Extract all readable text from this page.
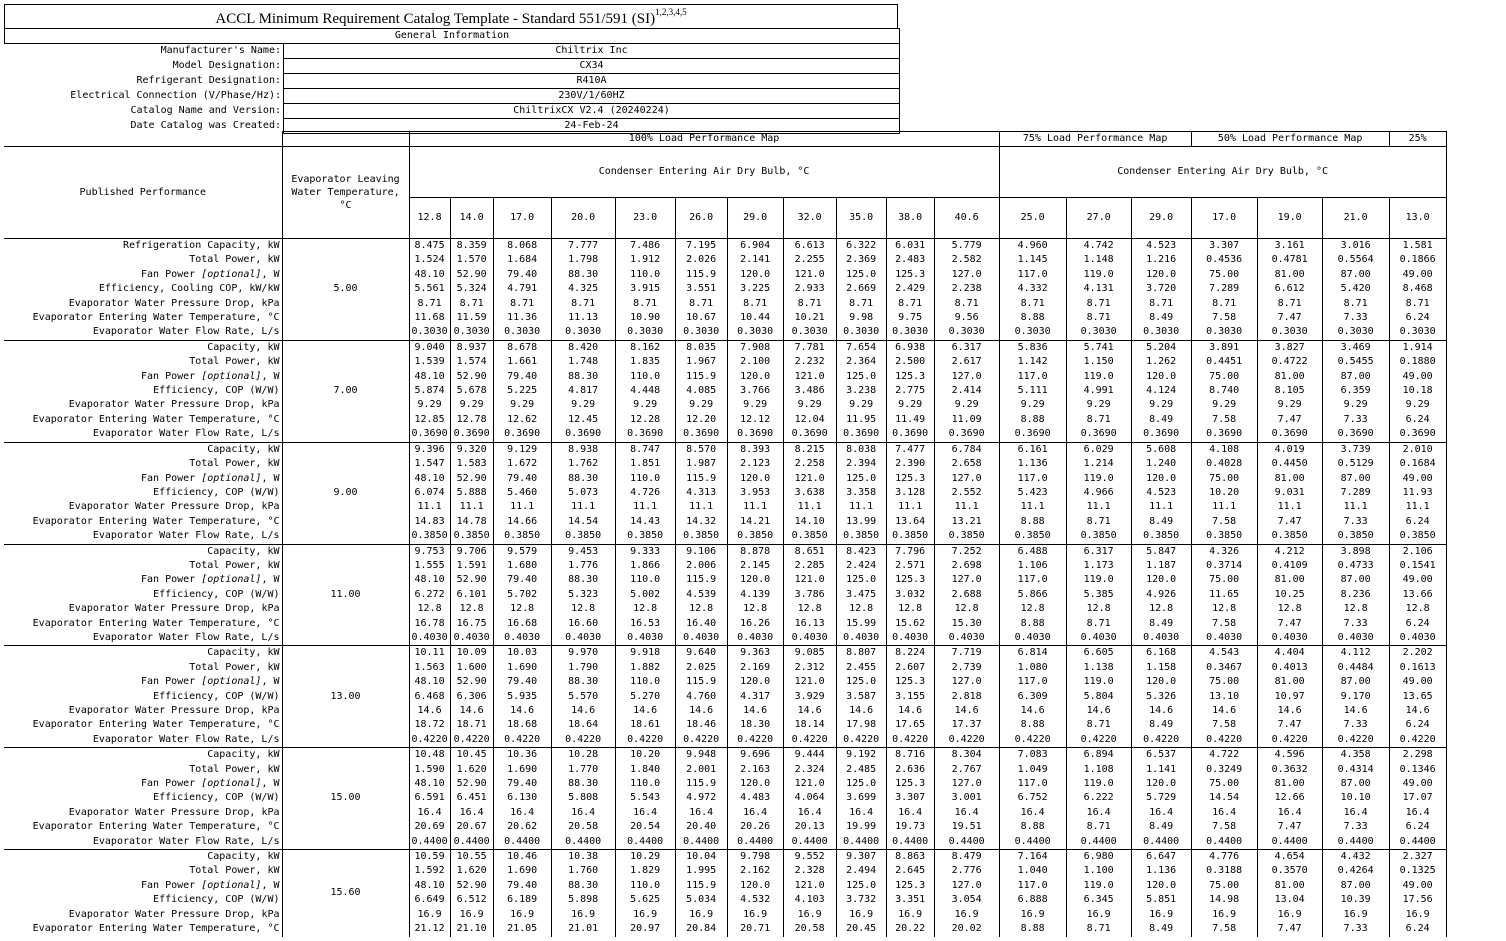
ACCL Minimum Requirement Catalog Template - Standard 551/591 (SI)$^{1,2,3,4,5}$
General Information	
Manufacturer's Name:	Chiltrix Inc
Model Designation:	CX34
Refrigerant Designation:	R410A
Electrical Connection (V/Phase/Hz):	230V/1/60HZ
Catalog Name and Version:	ChiltrixCX V2.4 (20240224)
Date Catalog was Created:	24-Feb-24
		100% Load Performance Map											75% Load Performance Map			50% Load Performance Map			25%
Published Performance	Evaporator Leaving Water Temperature, °C	Condenser Entering Air Dry Bulb, °C											Condenser Entering Air Dry Bulb, °C						
		12.8	14.0	17.0	20.0	23.0	26.0	29.0	32.0	35.0	38.0	40.6	25.0	27.0	29.0	17.0	19.0	21.0	13.0
Refrigeration Capacity, kW	5.00	8.475	8.359	8.068	7.777	7.486	7.195	6.904	6.613	6.322	6.031	5.779	4.960	4.742	4.523	3.307	3.161	3.016	1.581
Total Power, kW		1.524	1.570	1.684	1.798	1.912	2.026	2.141	2.255	2.369	2.483	2.582	1.145	1.148	1.216	0.4536	0.4781	0.5564	0.1866
Fan Power [optional], W		48.10	52.90	79.40	88.30	110.0	115.9	120.0	121.0	125.0	125.3	127.0	117.0	119.0	120.0	75.00	81.00	87.00	49.00
Efficiency, Cooling COP, kW/kW		5.561	5.324	4.791	4.325	3.915	3.551	3.225	2.933	2.669	2.429	2.238	4.332	4.131	3.720	7.289	6.612	5.420	8.468
Evaporator Water Pressure Drop, kPa		8.71	8.71	8.71	8.71	8.71	8.71	8.71	8.71	8.71	8.71	8.71	8.71	8.71	8.71	8.71	8.71	8.71	8.71
Evaporator Entering Water Temperature, °C		11.68	11.59	11.36	11.13	10.90	10.67	10.44	10.21	9.98	9.75	9.56	8.88	8.71	8.49	7.58	7.47	7.33	6.24
Evaporator Water Flow Rate, L/s		0.3030	0.3030	0.3030	0.3030	0.3030	0.3030	0.3030	0.3030	0.3030	0.3030	0.3030	0.3030	0.3030	0.3030	0.3030	0.3030	0.3030	0.3030
Capacity, kW	7.00	9.040	8.937	8.678	8.420	8.162	8.035	7.908	7.781	7.654	6.938	6.317	5.836	5.741	5.204	3.891	3.827	3.469	1.914
Total Power, kW		1.539	1.574	1.661	1.748	1.835	1.967	2.100	2.232	2.364	2.500	2.617	1.142	1.150	1.262	0.4451	0.4722	0.5455	0.1880
Fan Power [optional], W		48.10	52.90	79.40	88.30	110.0	115.9	120.0	121.0	125.0	125.3	127.0	117.0	119.0	120.0	75.00	81.00	87.00	49.00
Efficiency, COP (W/W)		5.874	5.678	5.225	4.817	4.448	4.085	3.766	3.486	3.238	2.775	2.414	5.111	4.991	4.124	8.740	8.105	6.359	10.18
Evaporator Water Pressure Drop, kPa		9.29	9.29	9.29	9.29	9.29	9.29	9.29	9.29	9.29	9.29	9.29	9.29	9.29	9.29	9.29	9.29	9.29	9.29
Evaporator Entering Water Temperature, °C		12.85	12.78	12.62	12.45	12.28	12.20	12.12	12.04	11.95	11.49	11.09	8.88	8.71	8.49	7.58	7.47	7.33	6.24
Evaporator Water Flow Rate, L/s		0.3690	0.3690	0.3690	0.3690	0.3690	0.3690	0.3690	0.3690	0.3690	0.3690	0.3690	0.3690	0.3690	0.3690	0.3690	0.3690	0.3690	0.3690
Capacity, kW	9.00	9.396	9.320	9.129	8.938	8.747	8.570	8.393	8.215	8.038	7.477	6.784	6.161	6.029	5.608	4.108	4.019	3.739	2.010
Total Power, kW		1.547	1.583	1.672	1.762	1.851	1.987	2.123	2.258	2.394	2.390	2.658	1.136	1.214	1.240	0.4028	0.4450	0.5129	0.1684
Fan Power [optional], W		48.10	52.90	79.40	88.30	110.0	115.9	120.0	121.0	125.0	125.3	127.0	117.0	119.0	120.0	75.00	81.00	87.00	49.00
Efficiency, COP (W/W)		6.074	5.888	5.460	5.073	4.726	4.313	3.953	3.638	3.358	3.128	2.552	5.423	4.966	4.523	10.20	9.031	7.289	11.93
Evaporator Water Pressure Drop, kPa		11.1	11.1	11.1	11.1	11.1	11.1	11.1	11.1	11.1	11.1	11.1	11.1	11.1	11.1	11.1	11.1	11.1	11.1
Evaporator Entering Water Temperature, °C		14.83	14.78	14.66	14.54	14.43	14.32	14.21	14.10	13.99	13.64	13.21	8.88	8.71	8.49	7.58	7.47	7.33	6.24
Evaporator Water Flow Rate, L/s		0.3850	0.3850	0.3850	0.3850	0.3850	0.3850	0.3850	0.3850	0.3850	0.3850	0.3850	0.3850	0.3850	0.3850	0.3850	0.3850	0.3850	0.3850
Capacity, kW	11.00	9.753	9.706	9.579	9.453	9.333	9.106	8.878	8.651	8.423	7.796	7.252	6.488	6.317	5.847	4.326	4.212	3.898	2.106
Total Power, kW		1.555	1.591	1.680	1.776	1.866	2.006	2.145	2.285	2.424	2.571	2.698	1.106	1.173	1.187	0.3714	0.4109	0.4733	0.1541
Fan Power [optional], W		48.10	52.90	79.40	88.30	110.0	115.9	120.0	121.0	125.0	125.3	127.0	117.0	119.0	120.0	75.00	81.00	87.00	49.00
Efficiency, COP (W/W)		6.272	6.101	5.702	5.323	5.002	4.539	4.139	3.786	3.475	3.032	2.688	5.866	5.385	4.926	11.65	10.25	8.236	13.66
Evaporator Water Pressure Drop, kPa		12.8	12.8	12.8	12.8	12.8	12.8	12.8	12.8	12.8	12.8	12.8	12.8	12.8	12.8	12.8	12.8	12.8	12.8
Evaporator Entering Water Temperature, °C		16.78	16.75	16.68	16.60	16.53	16.40	16.26	16.13	15.99	15.62	15.30	8.88	8.71	8.49	7.58	7.47	7.33	6.24
Evaporator Water Flow Rate, L/s		0.4030	0.4030	0.4030	0.4030	0.4030	0.4030	0.4030	0.4030	0.4030	0.4030	0.4030	0.4030	0.4030	0.4030	0.4030	0.4030	0.4030	0.4030
Capacity, kW	13.00	10.11	10.09	10.03	9.970	9.918	9.640	9.363	9.085	8.807	8.224	7.719	6.814	6.605	6.168	4.543	4.404	4.112	2.202
Total Power, kW		1.563	1.600	1.690	1.790	1.882	2.025	2.169	2.312	2.455	2.607	2.739	1.080	1.138	1.158	0.3467	0.4013	0.4484	0.1613
Fan Power [optional], W		48.10	52.90	79.40	88.30	110.0	115.9	120.0	121.0	125.0	125.3	127.0	117.0	119.0	120.0	75.00	81.00	87.00	49.00
Efficiency, COP (W/W)		6.468	6.306	5.935	5.570	5.270	4.760	4.317	3.929	3.587	3.155	2.818	6.309	5.804	5.326	13.10	10.97	9.170	13.65
Evaporator Water Pressure Drop, kPa		14.6	14.6	14.6	14.6	14.6	14.6	14.6	14.6	14.6	14.6	14.6	14.6	14.6	14.6	14.6	14.6	14.6	14.6
Evaporator Entering Water Temperature, °C		18.72	18.71	18.68	18.64	18.61	18.46	18.30	18.14	17.98	17.65	17.37	8.88	8.71	8.49	7.58	7.47	7.33	6.24
Evaporator Water Flow Rate, L/s		0.4220	0.4220	0.4220	0.4220	0.4220	0.4220	0.4220	0.4220	0.4220	0.4220	0.4220	0.4220	0.4220	0.4220	0.4220	0.4220	0.4220	0.4220
Capacity, kW	15.00	10.48	10.45	10.36	10.28	10.20	9.948	9.696	9.444	9.192	8.716	8.304	7.083	6.894	6.537	4.722	4.596	4.358	2.298
Total Power, kW		1.590	1.620	1.690	1.770	1.840	2.001	2.163	2.324	2.485	2.636	2.767	1.049	1.108	1.141	0.3249	0.3632	0.4314	0.1346
Fan Power [optional], W		48.10	52.90	79.40	88.30	110.0	115.9	120.0	121.0	125.0	125.3	127.0	117.0	119.0	120.0	75.00	81.00	87.00	49.00
Efficiency, COP (W/W)		6.591	6.451	6.130	5.808	5.543	4.972	4.483	4.064	3.699	3.307	3.001	6.752	6.222	5.729	14.54	12.66	10.10	17.07
Evaporator Water Pressure Drop, kPa		16.4	16.4	16.4	16.4	16.4	16.4	16.4	16.4	16.4	16.4	16.4	16.4	16.4	16.4	16.4	16.4	16.4	16.4
Evaporator Entering Water Temperature, °C		20.69	20.67	20.62	20.58	20.54	20.40	20.26	20.13	19.99	19.73	19.51	8.88	8.71	8.49	7.58	7.47	7.33	6.24
Evaporator Water Flow Rate, L/s		0.4400	0.4400	0.4400	0.4400	0.4400	0.4400	0.4400	0.4400	0.4400	0.4400	0.4400	0.4400	0.4400	0.4400	0.4400	0.4400	0.4400	0.4400
Capacity, kW	15.60	10.59	10.55	10.46	10.38	10.29	10.04	9.798	9.552	9.307	8.863	8.479	7.164	6.980	6.647	4.776	4.654	4.432	2.327
Total Power, kW		1.592	1.620	1.690	1.760	1.829	1.995	2.162	2.328	2.494	2.645	2.776	1.040	1.100	1.136	0.3188	0.3570	0.4264	0.1325
Fan Power [optional], W		48.10	52.90	79.40	88.30	110.0	115.9	120.0	121.0	125.0	125.3	127.0	117.0	119.0	120.0	75.00	81.00	87.00	49.00
Efficiency, COP (W/W)		6.649	6.512	6.189	5.898	5.625	5.034	4.532	4.103	3.732	3.351	3.054	6.888	6.345	5.851	14.98	13.04	10.39	17.56
Evaporator Water Pressure Drop, kPa		16.9	16.9	16.9	16.9	16.9	16.9	16.9	16.9	16.9	16.9	16.9	16.9	16.9	16.9	16.9	16.9	16.9	16.9
Evaporator Entering Water Temperature, °C		21.12	21.10	21.05	21.01	20.97	20.84	20.71	20.58	20.45	20.22	20.02	8.88	8.71	8.49	7.58	7.47	7.33	6.24
